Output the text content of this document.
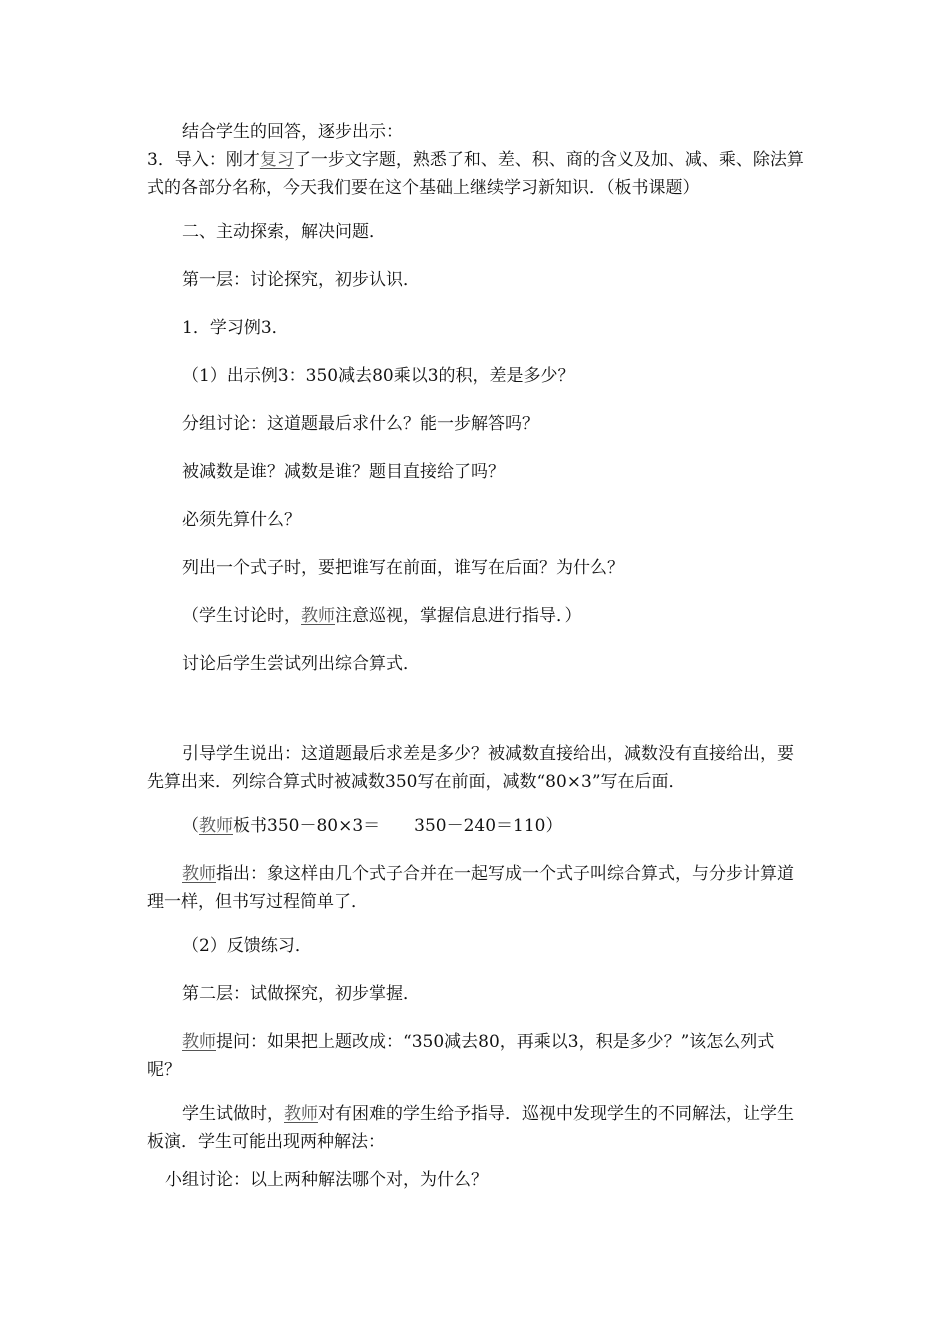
结合学生的回答，逐步出示：

3．导入：刚才复习了一步文字题，熟悉了和、差、积、商的含义及加、减、乘、除法算式的各部分名称，今天我们要在这个基础上继续学习新知识．（板书课题）

二、主动探索，解决问题．

第一层：讨论探究，初步认识．

1．学习例3．

（1）出示例3：350减去80乘以3的积，差是多少？

分组讨论：这道题最后求什么？能一步解答吗？

被减数是谁？减数是谁？题目直接给了吗？

必须先算什么？

列出一个式子时，要把谁写在前面，谁写在后面？为什么？

（学生讨论时，教师注意巡视，掌握信息进行指导．）

讨论后学生尝试列出综合算式．

引导学生说出：这道题最后求差是多少？被减数直接给出，减数没有直接给出，要先算出来．列综合算式时被减数350写在前面，减数“80×3”写在后面．

（教师板书350－80×3＝　　350－240＝110）

教师指出：象这样由几个式子合并在一起写成一个式子叫综合算式，与分步计算道理一样，但书写过程简单了．

（2）反馈练习．

第二层：试做探究，初步掌握．

教师提问：如果把上题改成：“350减去80，再乘以3，积是多少？”该怎么列式呢？

学生试做时，教师对有困难的学生给予指导．巡视中发现学生的不同解法，让学生板演．学生可能出现两种解法：

小组讨论：以上两种解法哪个对，为什么？
